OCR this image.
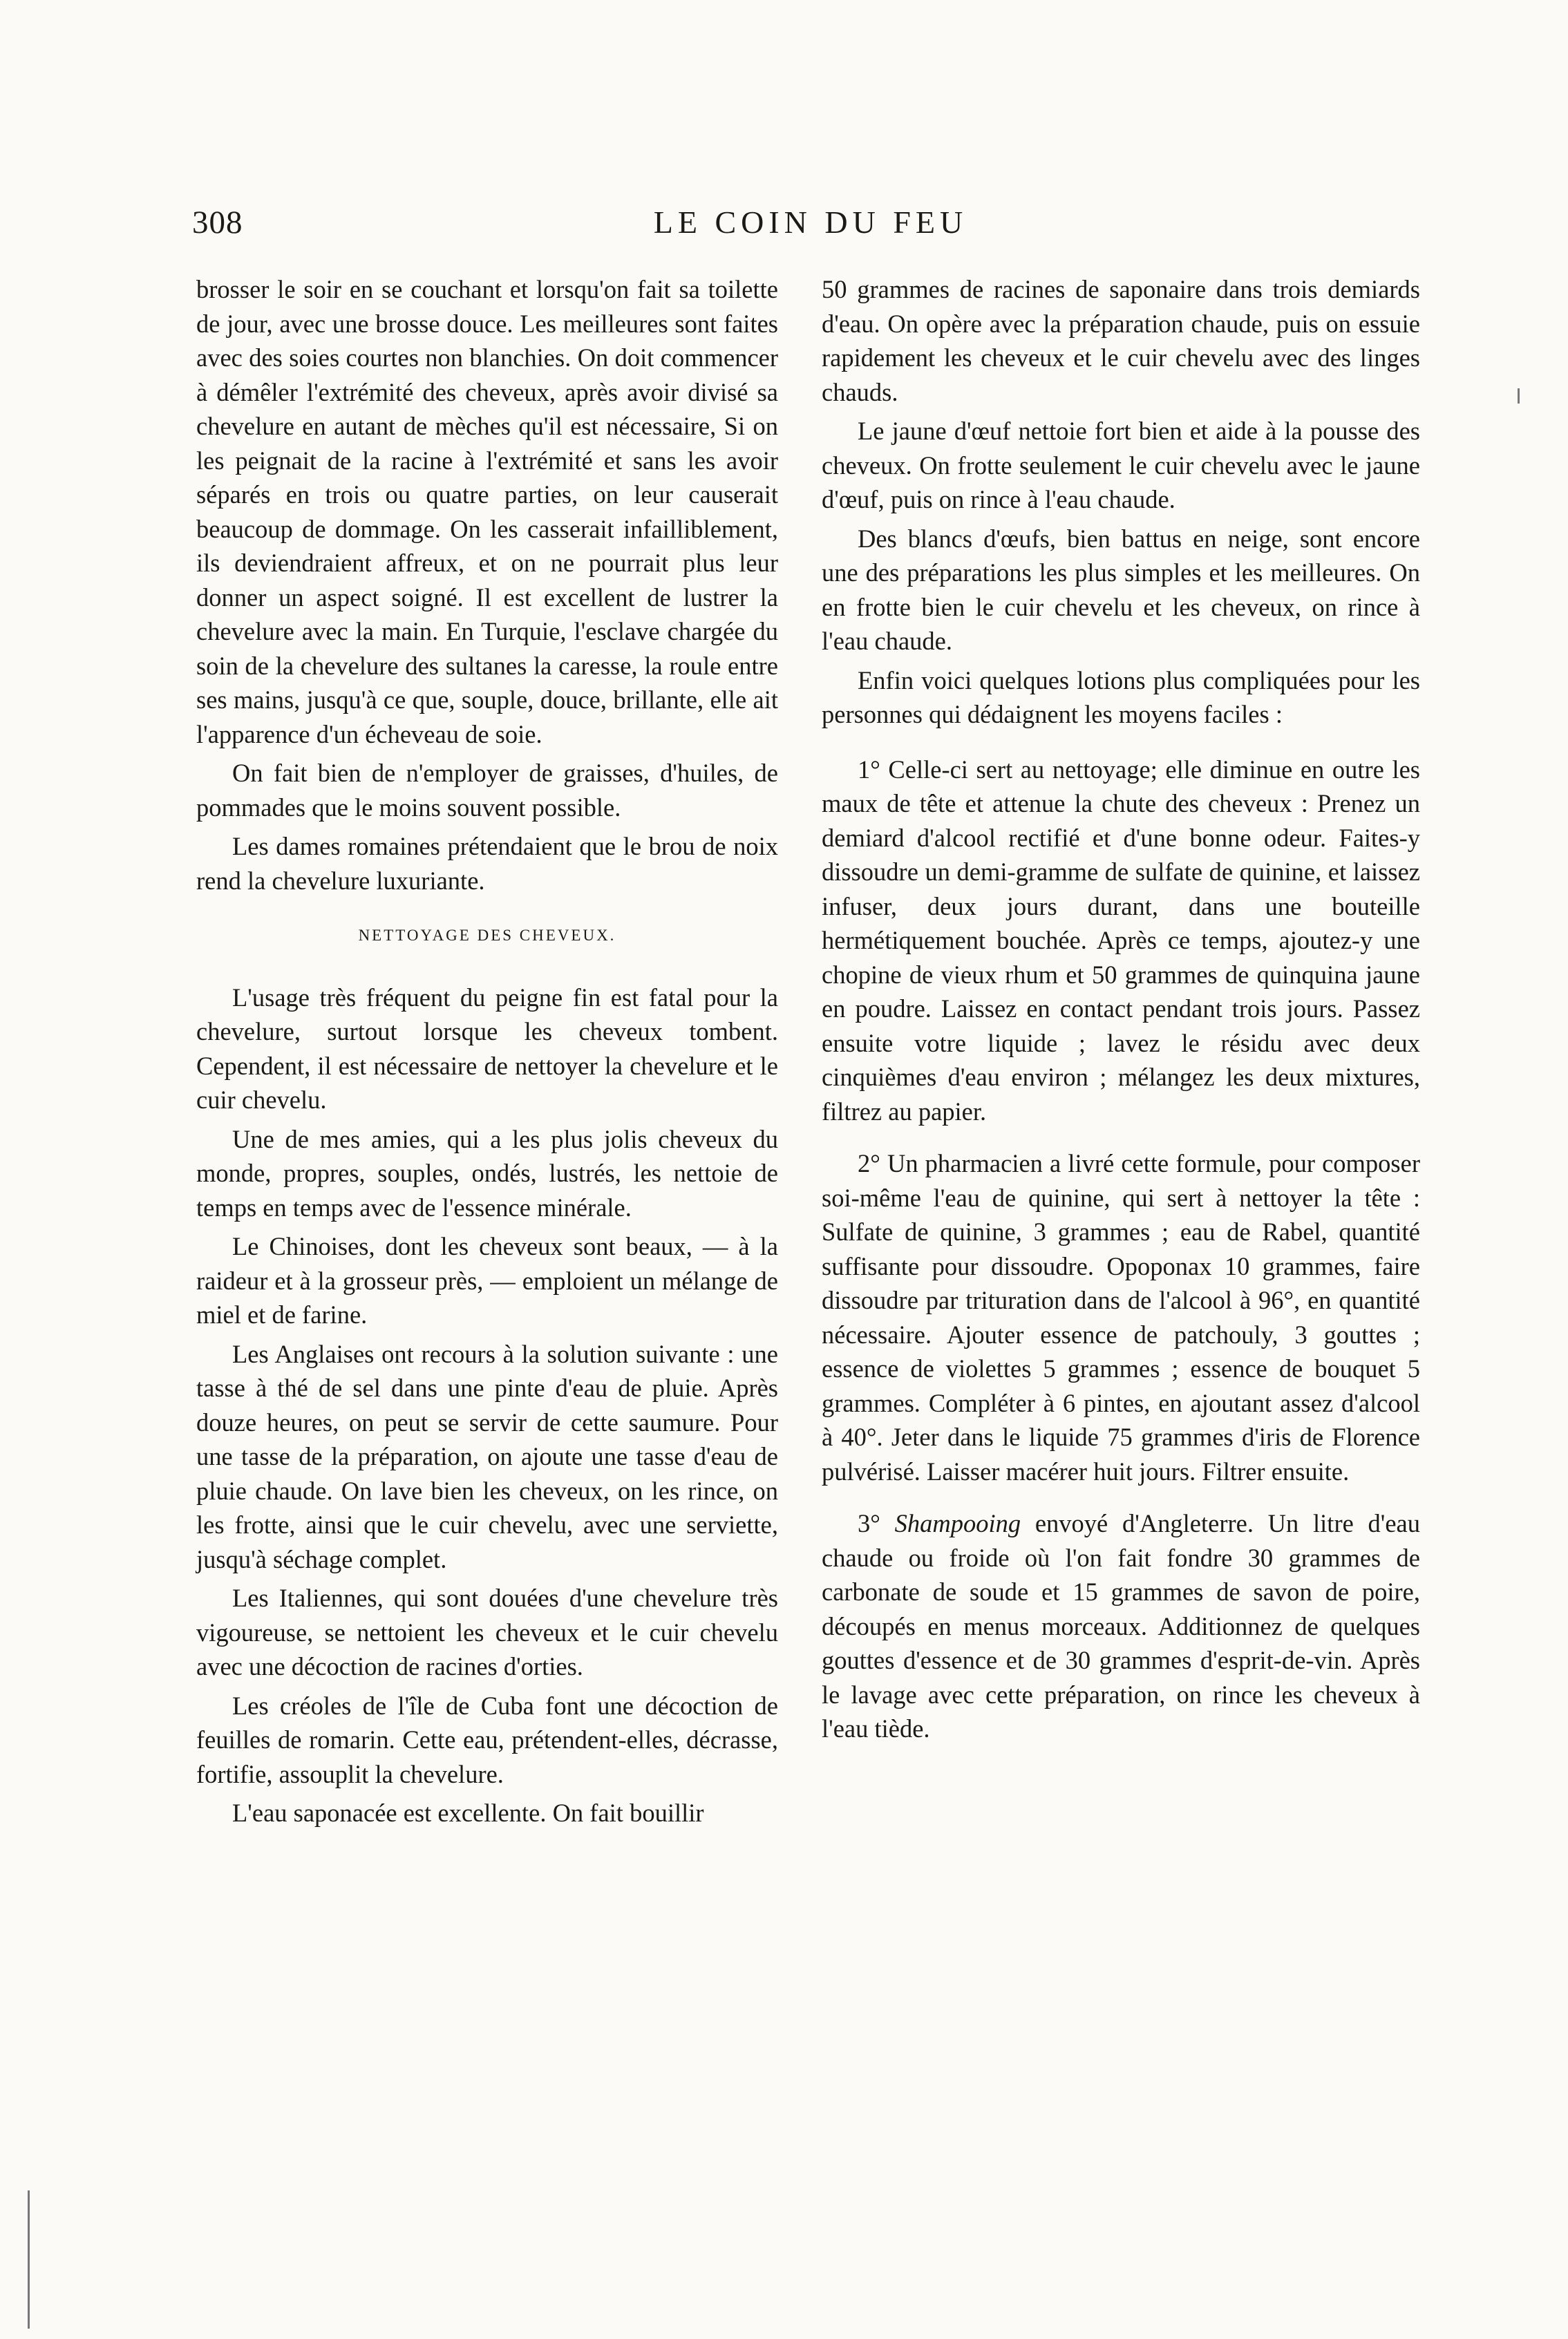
308	LE COIN DU FEU

brosser le soir en se couchant et lorsqu'on fait sa toilette de jour, avec une brosse douce. Les meilleures sont faites avec des soies courtes non blanchies. On doit commencer à démêler l'extrémité des cheveux, après avoir divisé sa chevelure en autant de mèches qu'il est nécessaire, Si on les peignait de la racine à l'extrémité et sans les avoir séparés en trois ou quatre parties, on leur causerait beaucoup de dommage. On les casserait infailliblement, ils deviendraient affreux, et on ne pourrait plus leur donner un aspect soigné. Il est excellent de lustrer la chevelure avec la main. En Turquie, l'esclave chargée du soin de la chevelure des sultanes la caresse, la roule entre ses mains, jusqu'à ce que, souple, douce, brillante, elle ait l'apparence d'un écheveau de soie.

On fait bien de n'employer de graisses, d'huiles, de pommades que le moins souvent possible.

Les dames romaines prétendaient que le brou de noix rend la chevelure luxuriante.

NETTOYAGE DES CHEVEUX.

L'usage très fréquent du peigne fin est fatal pour la chevelure, surtout lorsque les cheveux tombent. Cependent, il est nécessaire de nettoyer la chevelure et le cuir chevelu.

Une de mes amies, qui a les plus jolis cheveux du monde, propres, souples, ondés, lustrés, les nettoie de temps en temps avec de l'essence minérale.

Le Chinoises, dont les cheveux sont beaux, — à la raideur et à la grosseur près, — emploient un mélange de miel et de farine.

Les Anglaises ont recours à la solution suivante : une tasse à thé de sel dans une pinte d'eau de pluie. Après douze heures, on peut se servir de cette saumure. Pour une tasse de la préparation, on ajoute une tasse d'eau de pluie chaude. On lave bien les cheveux, on les rince, on les frotte, ainsi que le cuir chevelu, avec une serviette, jusqu'à séchage complet.

Les Italiennes, qui sont douées d'une chevelure très vigoureuse, se nettoient les cheveux et le cuir chevelu avec une décoction de racines d'orties.

Les créoles de l'île de Cuba font une décoction de feuilles de romarin. Cette eau, prétendent-elles, décrasse, fortifie, assouplit la chevelure.

L'eau saponacée est excellente. On fait bouillir

50 grammes de racines de saponaire dans trois demiards d'eau. On opère avec la préparation chaude, puis on essuie rapidement les cheveux et le cuir chevelu avec des linges chauds.

Le jaune d'œuf nettoie fort bien et aide à la pousse des cheveux. On frotte seulement le cuir chevelu avec le jaune d'œuf, puis on rince à l'eau chaude.

Des blancs d'œufs, bien battus en neige, sont encore une des préparations les plus simples et les meilleures. On en frotte bien le cuir chevelu et les cheveux, on rince à l'eau chaude.

Enfin voici quelques lotions plus compliquées pour les personnes qui dédaignent les moyens faciles :

1° Celle-ci sert au nettoyage; elle diminue en outre les maux de tête et attenue la chute des cheveux : Prenez un demiard d'alcool rectifié et d'une bonne odeur. Faites-y dissoudre un demi-gramme de sulfate de quinine, et laissez infuser, deux jours durant, dans une bouteille hermétiquement bouchée. Après ce temps, ajoutez-y une chopine de vieux rhum et 50 grammes de quinquina jaune en poudre. Laissez en contact pendant trois jours. Passez ensuite votre liquide ; lavez le résidu avec deux cinquièmes d'eau environ ; mélangez les deux mixtures, filtrez au papier.

2° Un pharmacien a livré cette formule, pour composer soi-même l'eau de quinine, qui sert à nettoyer la tête : Sulfate de quinine, 3 grammes ; eau de Rabel, quantité suffisante pour dissoudre. Opoponax 10 grammes, faire dissoudre par trituration dans de l'alcool à 96°, en quantité nécessaire. Ajouter essence de patchouly, 3 gouttes ; essence de violettes 5 grammes ; essence de bouquet 5 grammes. Compléter à 6 pintes, en ajoutant assez d'alcool à 40°. Jeter dans le liquide 75 grammes d'iris de Florence pulvérisé. Laisser macérer huit jours. Filtrer ensuite.

3° Shampooing envoyé d'Angleterre. Un litre d'eau chaude ou froide où l'on fait fondre 30 grammes de carbonate de soude et 15 grammes de savon de poire, découpés en menus morceaux. Additionnez de quelques gouttes d'essence et de 30 grammes d'esprit-de-vin. Après le lavage avec cette préparation, on rince les cheveux à l'eau tiède.
